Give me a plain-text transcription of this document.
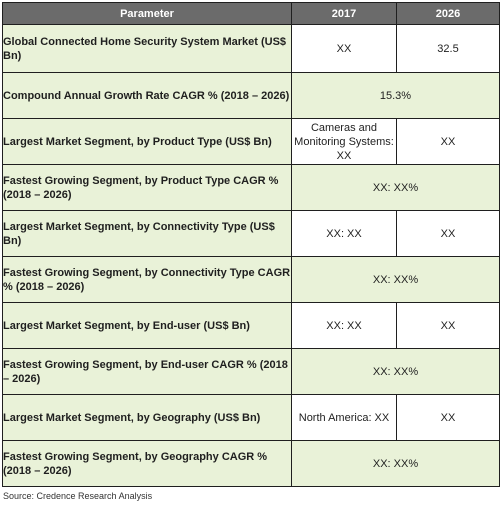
Parameter	2017	2026
Global Connected Home Security System Market (US$ Bn)	XX	32.5
Compound Annual Growth Rate CAGR % (2018 – 2026)	15.3%	
Largest Market Segment, by Product Type (US$ Bn)	Cameras and Monitoring Systems: XX	XX
Fastest Growing Segment, by Product Type CAGR % (2018 – 2026)	XX: XX%	
Largest Market Segment, by Connectivity Type (US$ Bn)	XX: XX	XX
Fastest Growing Segment, by Connectivity Type CAGR % (2018 – 2026)	XX: XX%	
Largest Market Segment, by End-user (US$ Bn)	XX: XX	XX
Fastest Growing Segment, by End-user CAGR % (2018 – 2026)	XX: XX%	
Largest Market Segment, by Geography (US$ Bn)	North America: XX	XX
Fastest Growing Segment, by Geography CAGR % (2018 – 2026)	XX: XX%	
Source: Credence Research Analysis
